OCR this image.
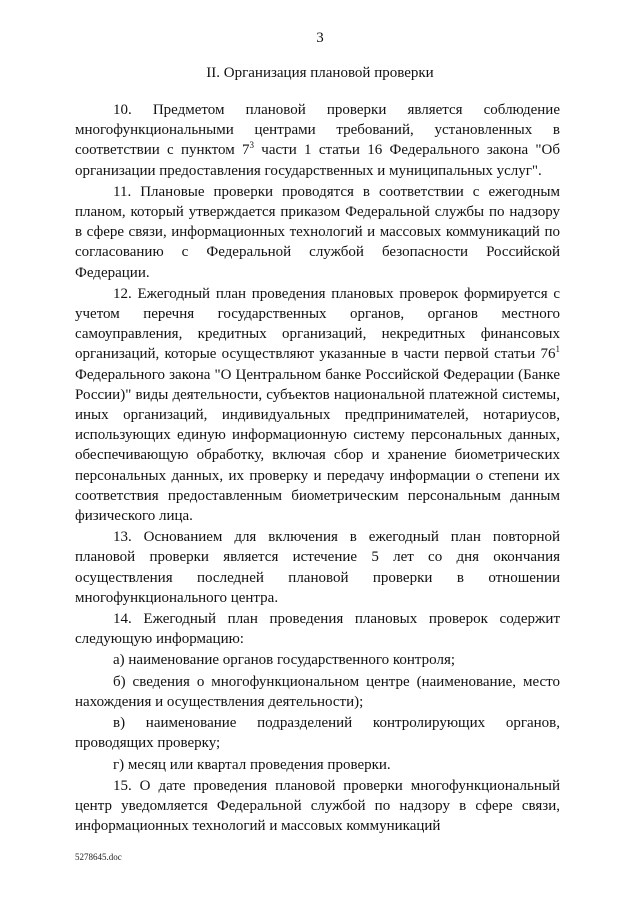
3
II. Организация плановой проверки

10. Предметом плановой проверки является соблюдение многофункциональными центрами требований, установленных в соответствии с пунктом $7^3$ части 1 статьи 16 Федерального закона "Об организации предоставления государственных и муниципальных услуг".

11. Плановые проверки проводятся в соответствии с ежегодным планом, который утверждается приказом Федеральной службы по надзору в сфере связи, информационных технологий и массовых коммуникаций по согласованию с Федеральной службой безопасности Российской Федерации.

12. Ежегодный план проведения плановых проверок формируется с учетом перечня государственных органов, органов местного самоуправления, кредитных организаций, некредитных финансовых организаций, которые осуществляют указанные в части первой статьи $76^1$ Федерального закона "О Центральном банке Российской Федерации (Банке России)" виды деятельности, субъектов национальной платежной системы, иных организаций, индивидуальных предпринимателей, нотариусов, использующих единую информационную систему персональных данных, обеспечивающую обработку, включая сбор и хранение биометрических персональных данных, их проверку и передачу информации о степени их соответствия предоставленным биометрическим персональным данным физического лица.

13. Основанием для включения в ежегодный план повторной плановой проверки является истечение 5 лет со дня окончания осуществления последней плановой проверки в отношении многофункционального центра.

14. Ежегодный план проведения плановых проверок содержит следующую информацию:

а) наименование органов государственного контроля;

б) сведения о многофункциональном центре (наименование, место нахождения и осуществления деятельности);

в) наименование подразделений контролирующих органов, проводящих проверку;

г) месяц или квартал проведения проверки.

15. О дате проведения плановой проверки многофункциональный центр уведомляется Федеральной службой по надзору в сфере связи, информационных технологий и массовых коммуникаций

5278645.doc
